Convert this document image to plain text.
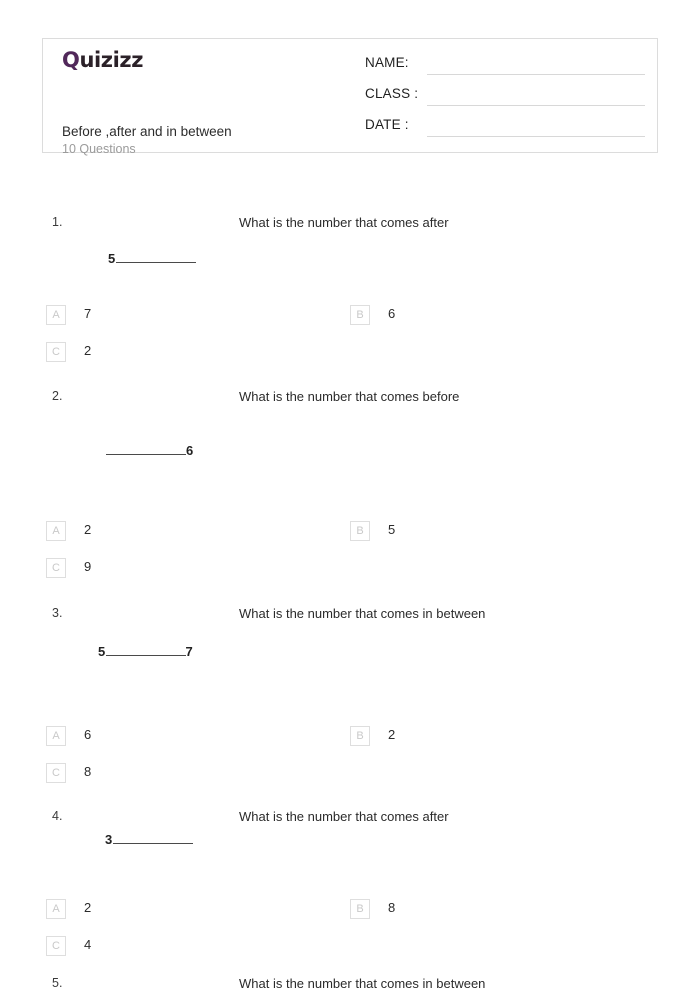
Quizizz
Before ,after and in between
10 Questions
NAME:
CLASS :
DATE :
1.	What is the number that comes after
5
A	7	B	6
C	2
2.	What is the number that comes before
6
A	2	B	5
C	9
3.	What is the number that comes in between
5	7
A	6	B	2
C	8
4.	What is the number that comes after
3
A	2	B	8
C	4
5.	What is the number that comes in between
